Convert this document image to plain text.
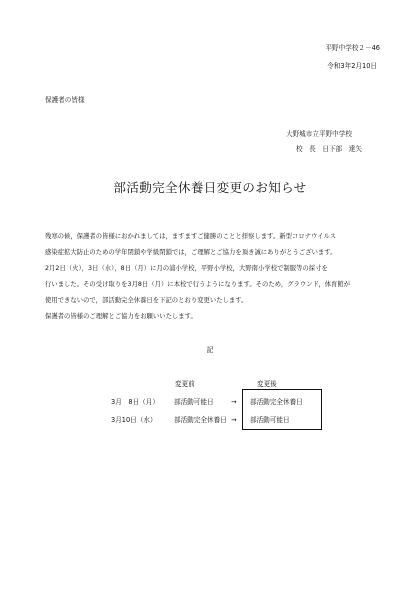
平野中学校２－46
令和3年2月10日
保護者の皆様
大野城市立平野中学校
校　長　日下部　達矢
部活動完全休養日変更のお知らせ
残寒の候，保護者の皆様におかれましては，ますますご健勝のことと拝察します。新型コロナウイルス
感染症拡大防止のための学年閉鎖や学級閉鎖では，ご理解とご協力を頂き誠にありがとうございます。
2月2日（火），3日（水），8日（月）に月の浦小学校，平野小学校，大野南小学校で制服等の採寸を
行いました。その受け取りを3月8日（月）に本校で行うようになります。そのため，グラウンド，体育館が
使用できないので，部活動完全休養日を下記のとおり変更いたします。
保護者の皆様のご理解とご協力をお願いいたします。
記
変更前	変更後
3月　8日（月） 部活動可能日	→ 部活動完全休養日
3月10日（水）	部活動完全休養日 → 部活動可能日
